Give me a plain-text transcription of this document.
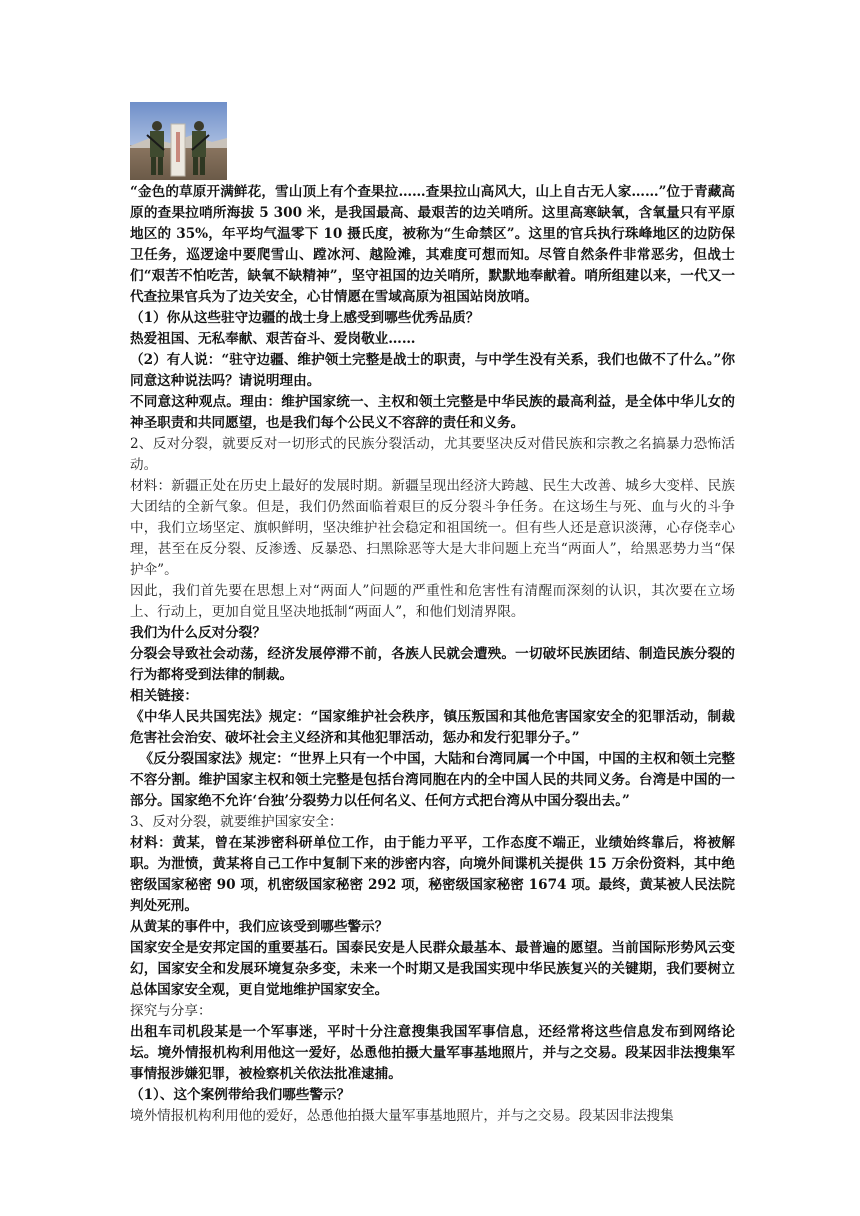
“金色的草原开满鲜花，雪山顶上有个查果拉……查果拉山高风大，山上自古无人家……”位于青藏高原的查果拉哨所海拔 5 300 米，是我国最高、最艰苦的边关哨所。这里高寒缺氧，含氧量只有平原地区的 35%，年平均气温零下 10 摄氏度，被称为“生命禁区”。这里的官兵执行珠峰地区的边防保卫任务，巡逻途中要爬雪山、蹚冰河、越险滩，其难度可想而知。尽管自然条件非常恶劣，但战士们“艰苦不怕吃苦，缺氧不缺精神”，坚守祖国的边关哨所，默默地奉献着。哨所组建以来，一代又一代查拉果官兵为了边关安全，心甘情愿在雪域高原为祖国站岗放哨。

（1）你从这些驻守边疆的战士身上感受到哪些优秀品质？

热爱祖国、无私奉献、艰苦奋斗、爱岗敬业……

（2）有人说：“驻守边疆、维护领土完整是战士的职责，与中学生没有关系，我们也做不了什么。”你同意这种说法吗？请说明理由。

不同意这种观点。理由：维护国家统一、主权和领土完整是中华民族的最高利益，是全体中华儿女的神圣职责和共同愿望，也是我们每个公民义不容辞的责任和义务。

2、反对分裂，就要反对一切形式的民族分裂活动，尤其要坚决反对借民族和宗教之名搞暴力恐怖活动。

材料：新疆正处在历史上最好的发展时期。新疆呈现出经济大跨越、民生大改善、城乡大变样、民族大团结的全新气象。但是，我们仍然面临着艰巨的反分裂斗争任务。在这场生与死、血与火的斗争中，我们立场坚定、旗帜鲜明，坚决维护社会稳定和祖国统一。但有些人还是意识淡薄，心存侥幸心理，甚至在反分裂、反渗透、反暴恐、扫黑除恶等大是大非问题上充当“两面人”，给黑恶势力当“保护伞”。

因此，我们首先要在思想上对“两面人”问题的严重性和危害性有清醒而深刻的认识，其次要在立场上、行动上，更加自觉且坚决地抵制“两面人”，和他们划清界限。

我们为什么反对分裂？

分裂会导致社会动荡，经济发展停滞不前，各族人民就会遭殃。一切破坏民族团结、制造民族分裂的行为都将受到法律的制裁。

相关链接：

《中华人民共国宪法》规定：“国家维护社会秩序，镇压叛国和其他危害国家安全的犯罪活动，制裁危害社会治安、破坏社会主义经济和其他犯罪活动，惩办和发行犯罪分子。”

《反分裂国家法》规定：“世界上只有一个中国，大陆和台湾同属一个中国，中国的主权和领土完整不容分割。维护国家主权和领土完整是包括台湾同胞在内的全中国人民的共同义务。台湾是中国的一部分。国家绝不允许‘台独’分裂势力以任何名义、任何方式把台湾从中国分裂出去。”

3、反对分裂，就要维护国家安全：

材料：黄某，曾在某涉密科研单位工作，由于能力平平，工作态度不端正，业绩始终靠后，将被解职。为泄愤，黄某将自己工作中复制下来的涉密内容，向境外间谍机关提供 15 万余份资料，其中绝密级国家秘密 90 项，机密级国家秘密 292 项，秘密级国家秘密 1674 项。最终，黄某被人民法院判处死刑。

从黄某的事件中，我们应该受到哪些警示？

国家安全是安邦定国的重要基石。国泰民安是人民群众最基本、最普遍的愿望。当前国际形势风云变幻，国家安全和发展环境复杂多变，未来一个时期又是我国实现中华民族复兴的关键期，我们要树立总体国家安全观，更自觉地维护国家安全。

探究与分享：

出租车司机段某是一个军事迷，平时十分注意搜集我国军事信息，还经常将这些信息发布到网络论坛。境外情报机构利用他这一爱好，怂恿他拍摄大量军事基地照片，并与之交易。段某因非法搜集军事情报涉嫌犯罪，被检察机关依法批准逮捕。

（1）、这个案例带给我们哪些警示？

境外情报机构利用他的爱好，怂恿他拍摄大量军事基地照片，并与之交易。段某因非法搜集
